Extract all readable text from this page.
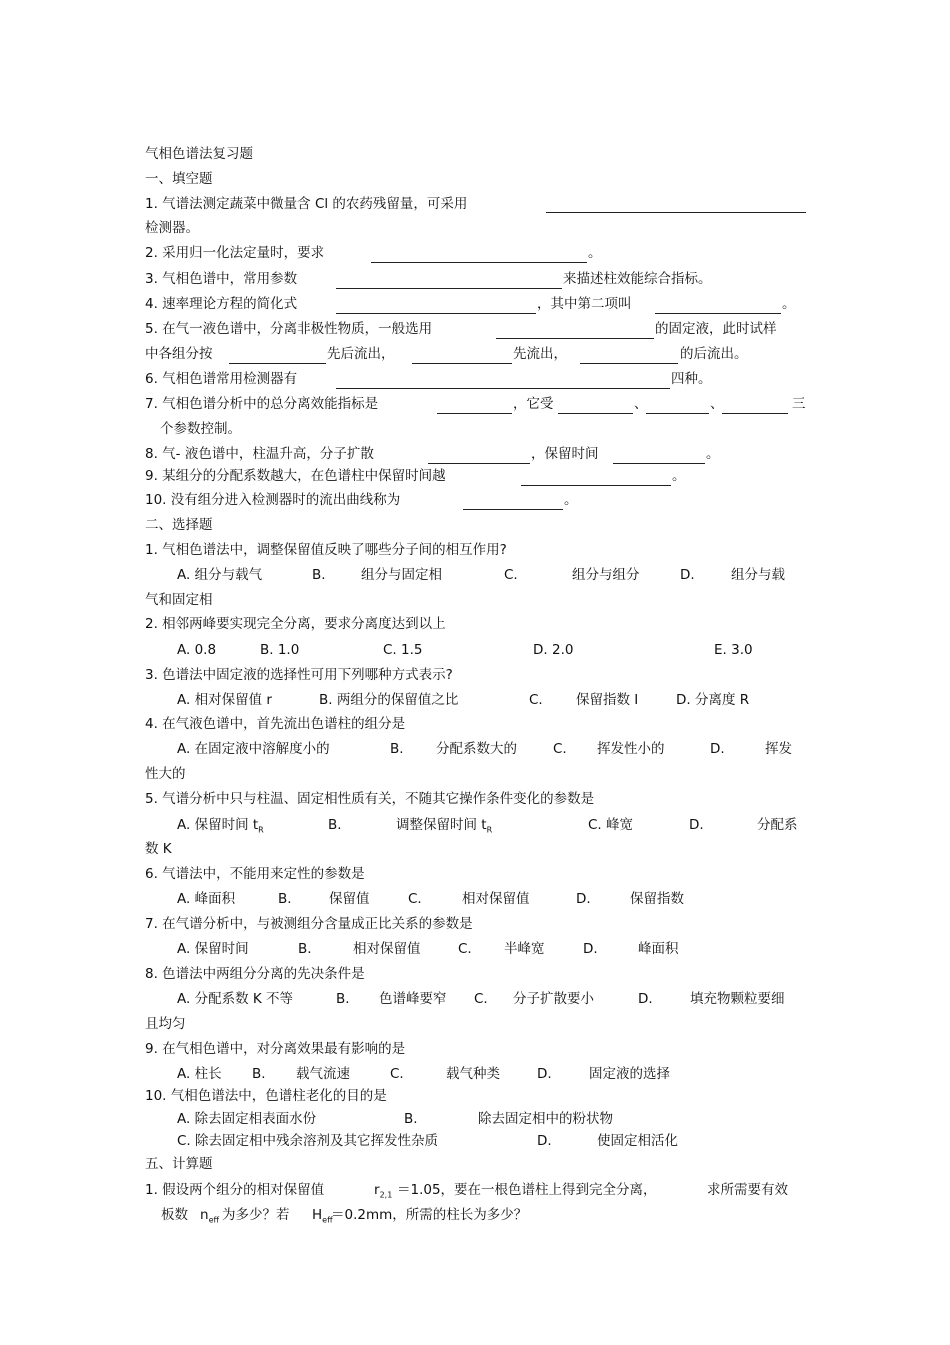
气相色谱法复习题
一、填空题
1. 气谱法测定蔬菜中微量含 Cl 的农药残留量，可采用
检测器。
2. 采用归一化法定量时，要求	。
3. 气相色谱中，常用参数	来描述柱效能综合指标。
4. 速率理论方程的简化式	，其中第二项叫	。
5. 在气一液色谱中，分离非极性物质，一般选用	的固定液，此时试样
中各组分按	先后流出，	先流出，	的后流出。
6. 气相色谱常用检测器有	四种。
7. 气相色谱分析中的总分离效能指标是	，它受	、	、	三
个参数控制。
8. 气- 液色谱中，柱温升高，分子扩散	，保留时间	。
9. 某组分的分配系数越大，在色谱柱中保留时间越	。
10. 没有组分进入检测器时的流出曲线称为	。
二、选择题
1. 气相色谱法中，调整保留值反映了哪些分子间的相互作用?
A. 组分与载气	B.	组分与固定相	C.	组分与组分	D.	组分与载
气和固定相
2. 相邻两峰要实现完全分离，要求分离度达到以上
A. 0.8	B. 1.0	C. 1.5	D. 2.0	E. 3.0
3. 色谱法中固定液的选择性可用下列哪种方式表示?
A. 相对保留值 r	B. 两组分的保留值之比	C. 保留指数 I	D. 分离度 R
4. 在气液色谱中，首先流出色谱柱的组分是
A. 在固定液中溶解度小的	B. 分配系数大的	C. 挥发性小的	D.	挥发
性大的
5. 气谱分析中只与柱温、固定相性质有关，不随其它操作条件变化的参数是
A. 保留时间 $t_R$	B.	调整保留时间 $t_R$	C. 峰宽	D.	分配系
数 K
6. 气谱法中，不能用来定性的参数是
A. 峰面积	B.	保留值	C.	相对保留值	D.	保留指数
7. 在气谱分析中，与被测组分含量成正比关系的参数是
A. 保留时间	B.	相对保留值	C. 半峰宽	D.	峰面积
8. 色谱法中两组分分离的先决条件是
A. 分配系数 K 不等	B. 色谱峰要窄 C. 分子扩散要小	D.	填充物颗粒要细
且均匀
9. 在气相色谱中，对分离效果最有影响的是
A. 柱长 B. 载气流速	C.	载气种类	D.	固定液的选择
10. 气相色谱法中，色谱柱老化的目的是
A. 除去固定相表面水份	B.	除去固定相中的粉状物
C. 除去固定相中残余溶剂及其它挥发性杂质	D.	使固定相活化
五、计算题
1. 假设两个组分的相对保留值	$r_{2,1} =1.05$，要在一根色谱柱上得到完全分离，	求所需要有效
板数 $n_{eff}$ 为多少？若 $H_{eff}$
＝0.2mm，所需的柱长为多少？
